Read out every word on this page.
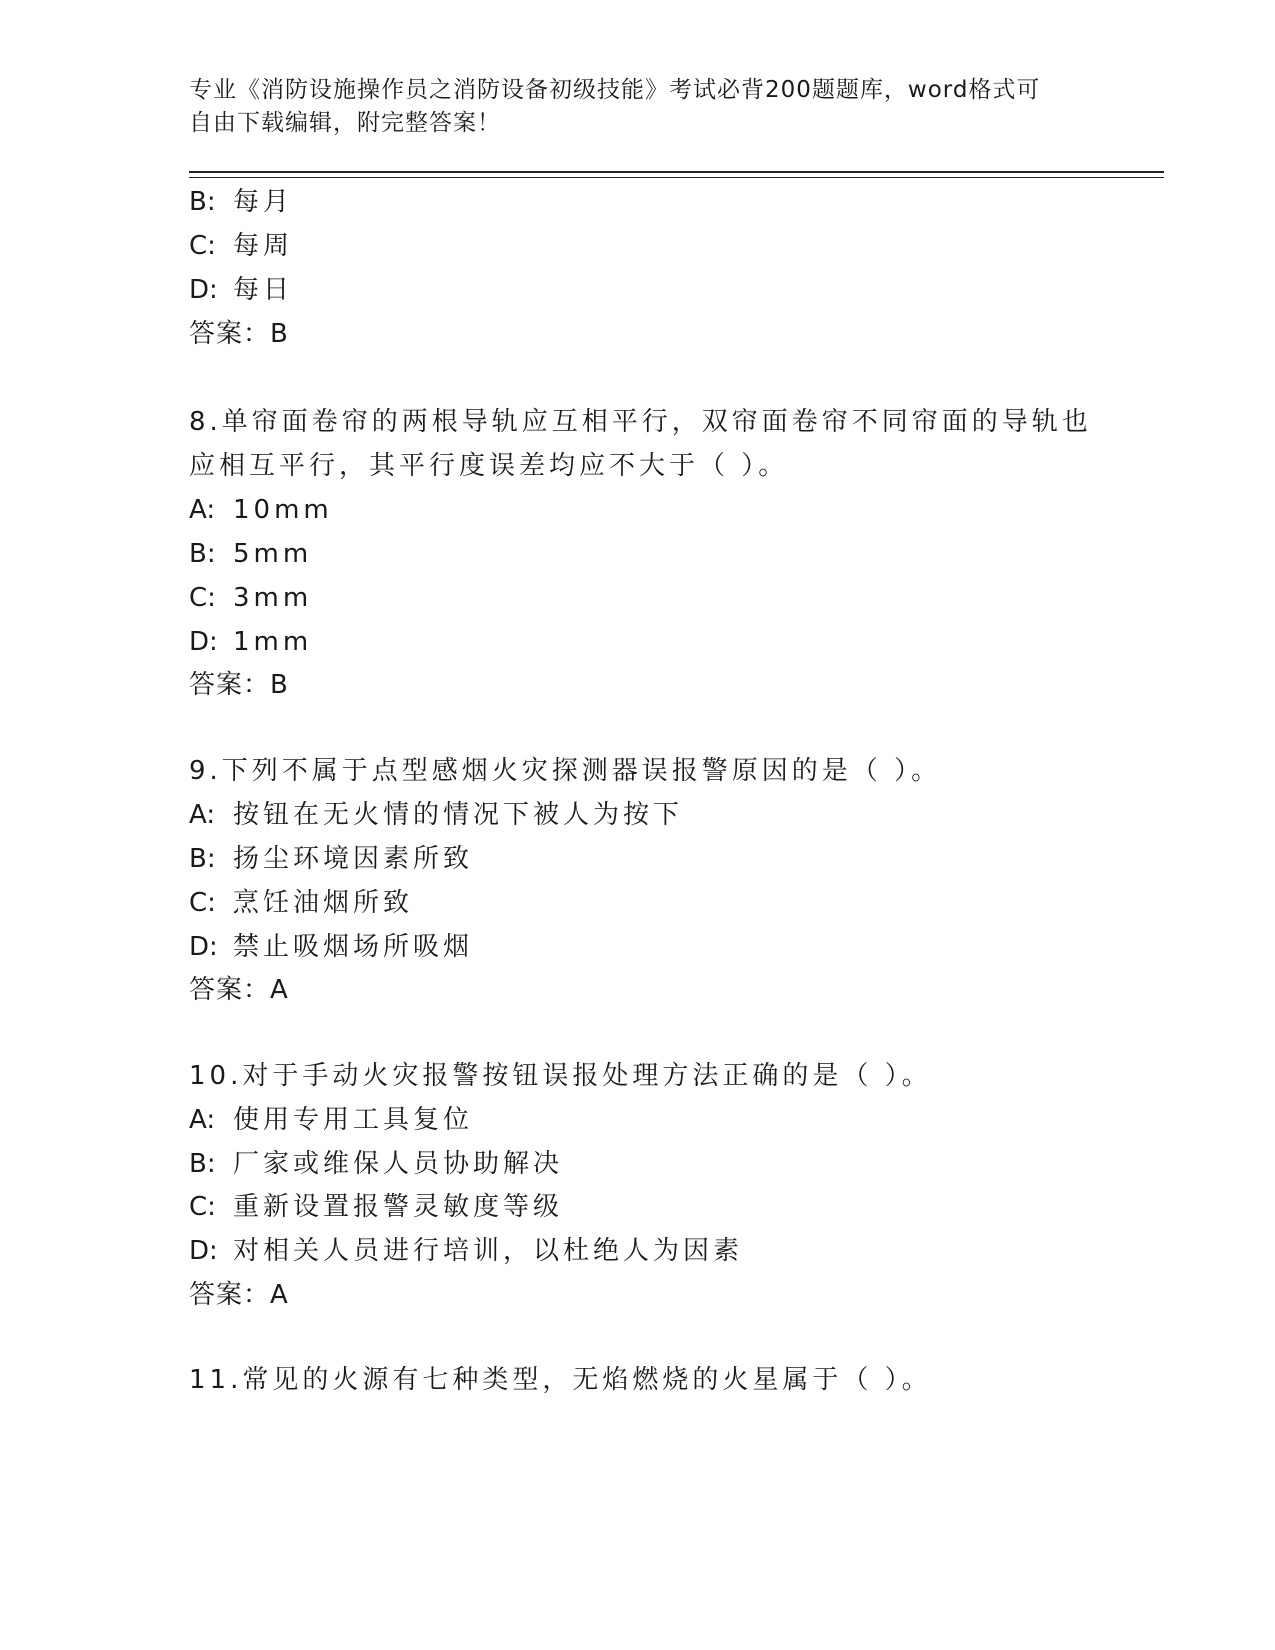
专业《消防设施操作员之消防设备初级技能》考试必背200题题库，word格式可
自由下载编辑，附完整答案！
B: 每月
C: 每周
D: 每日
答案：B
8.单帘面卷帘的两根导轨应互相平行，双帘面卷帘不同帘面的导轨也
应相互平行，其平行度误差均应不大于（ ）。
A: 10mm
B: 5mm
C: 3mm
D: 1mm
答案：B
9.下列不属于点型感烟火灾探测器误报警原因的是（ ）。
A: 按钮在无火情的情况下被人为按下
B: 扬尘环境因素所致
C: 烹饪油烟所致
D: 禁止吸烟场所吸烟
答案：A
10.对于手动火灾报警按钮误报处理方法正确的是（ ）。
A: 使用专用工具复位
B: 厂家或维保人员协助解决
C: 重新设置报警灵敏度等级
D: 对相关人员进行培训，以杜绝人为因素
答案：A
11.常见的火源有七种类型，无焰燃烧的火星属于（ ）。
